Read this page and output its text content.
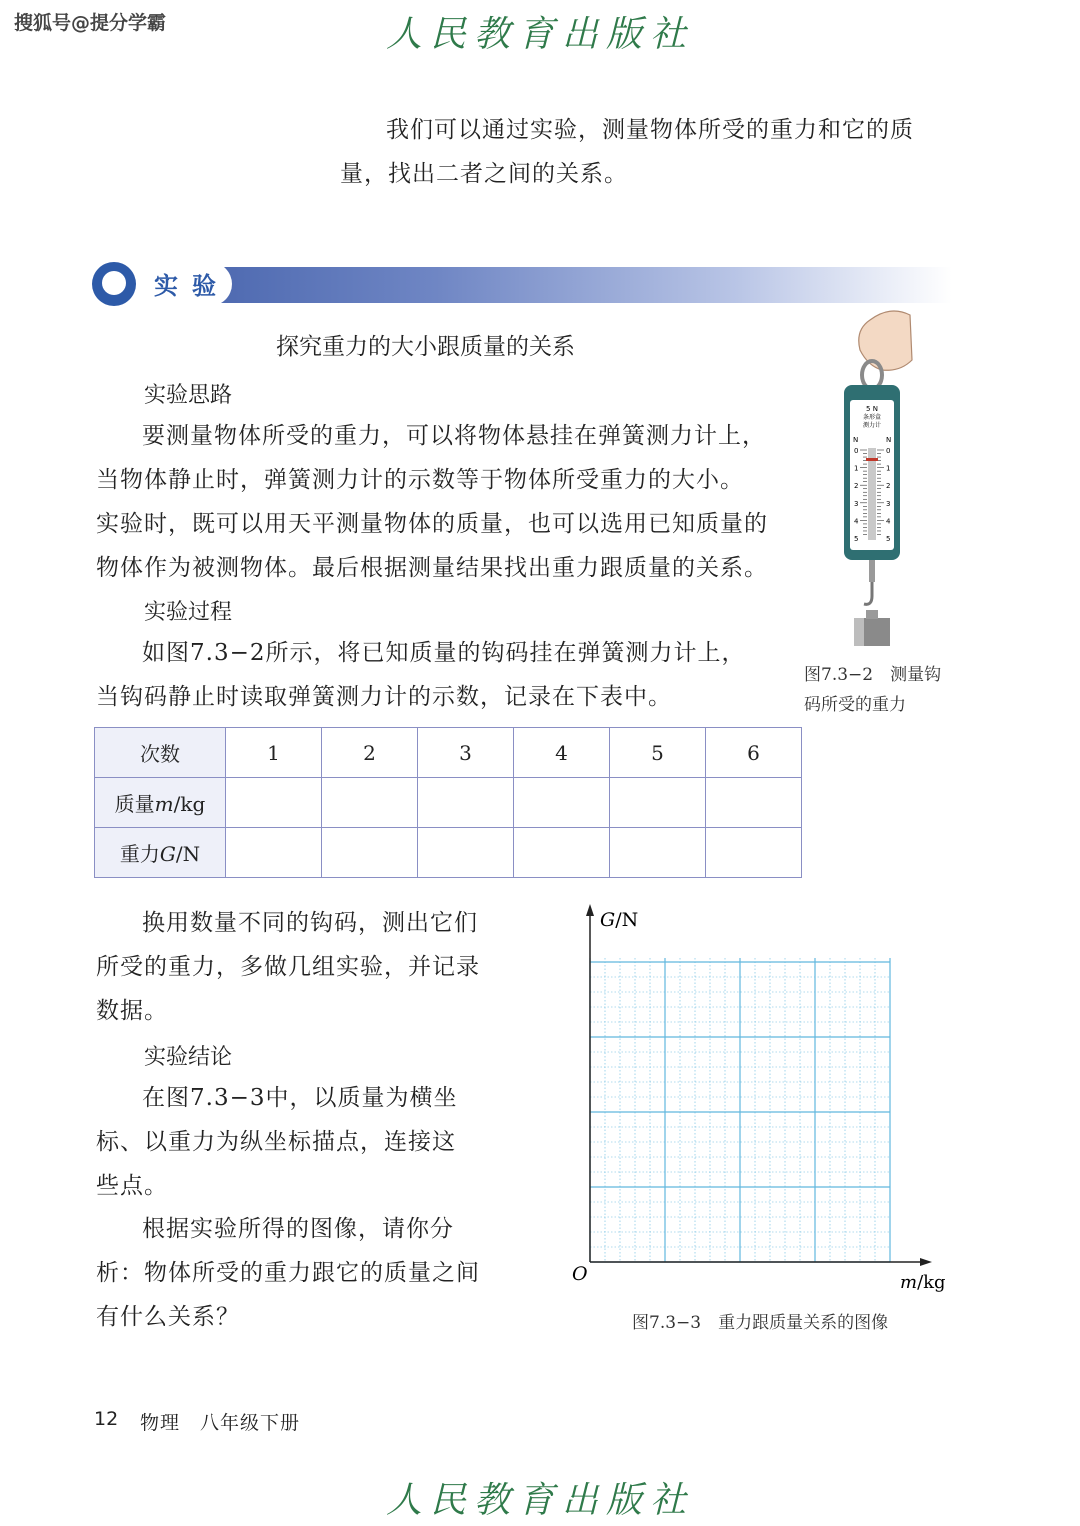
搜狐号@提分学霸	人民教育出版社
我们可以通过实验，测量物体所受的重力和它的质
量，找出二者之间的关系。
实验
探究重力的大小跟质量的关系
实验思路
要测量物体所受的重力，可以将物体悬挂在弹簧测力计上，
当物体静止时，弹簧测力计的示数等于物体所受重力的大小。
实验时，既可以用天平测量物体的质量，也可以选用已知质量的
物体作为被测物体。最后根据测量结果找出重力跟质量的关系。
实验过程
如图7.3−2所示，将已知质量的钩码挂在弹簧测力计上，
当钩码静止时读取弹簧测力计的示数，记录在下表中。
5 N
条形盒
测力计
N	N
0	0
1	1
2	2
3	3
4	4
5	5
图7.3−2　测量钩
码所受的重力
次数	1	2	3	4	5	6
质量m/kg						
重力G/N						
换用数量不同的钩码，测出它们
所受的重力，多做几组实验，并记录
数据。
实验结论
在图7.3−3中，以质量为横坐
标、以重力为纵坐标描点，连接这
些点。
根据实验所得的图像，请你分
析：物体所受的重力跟它的质量之间
有什么关系？
G/N
m/kg
O
图7.3−3　重力跟质量关系的图像
12 物理　八年级下册
人民教育出版社
